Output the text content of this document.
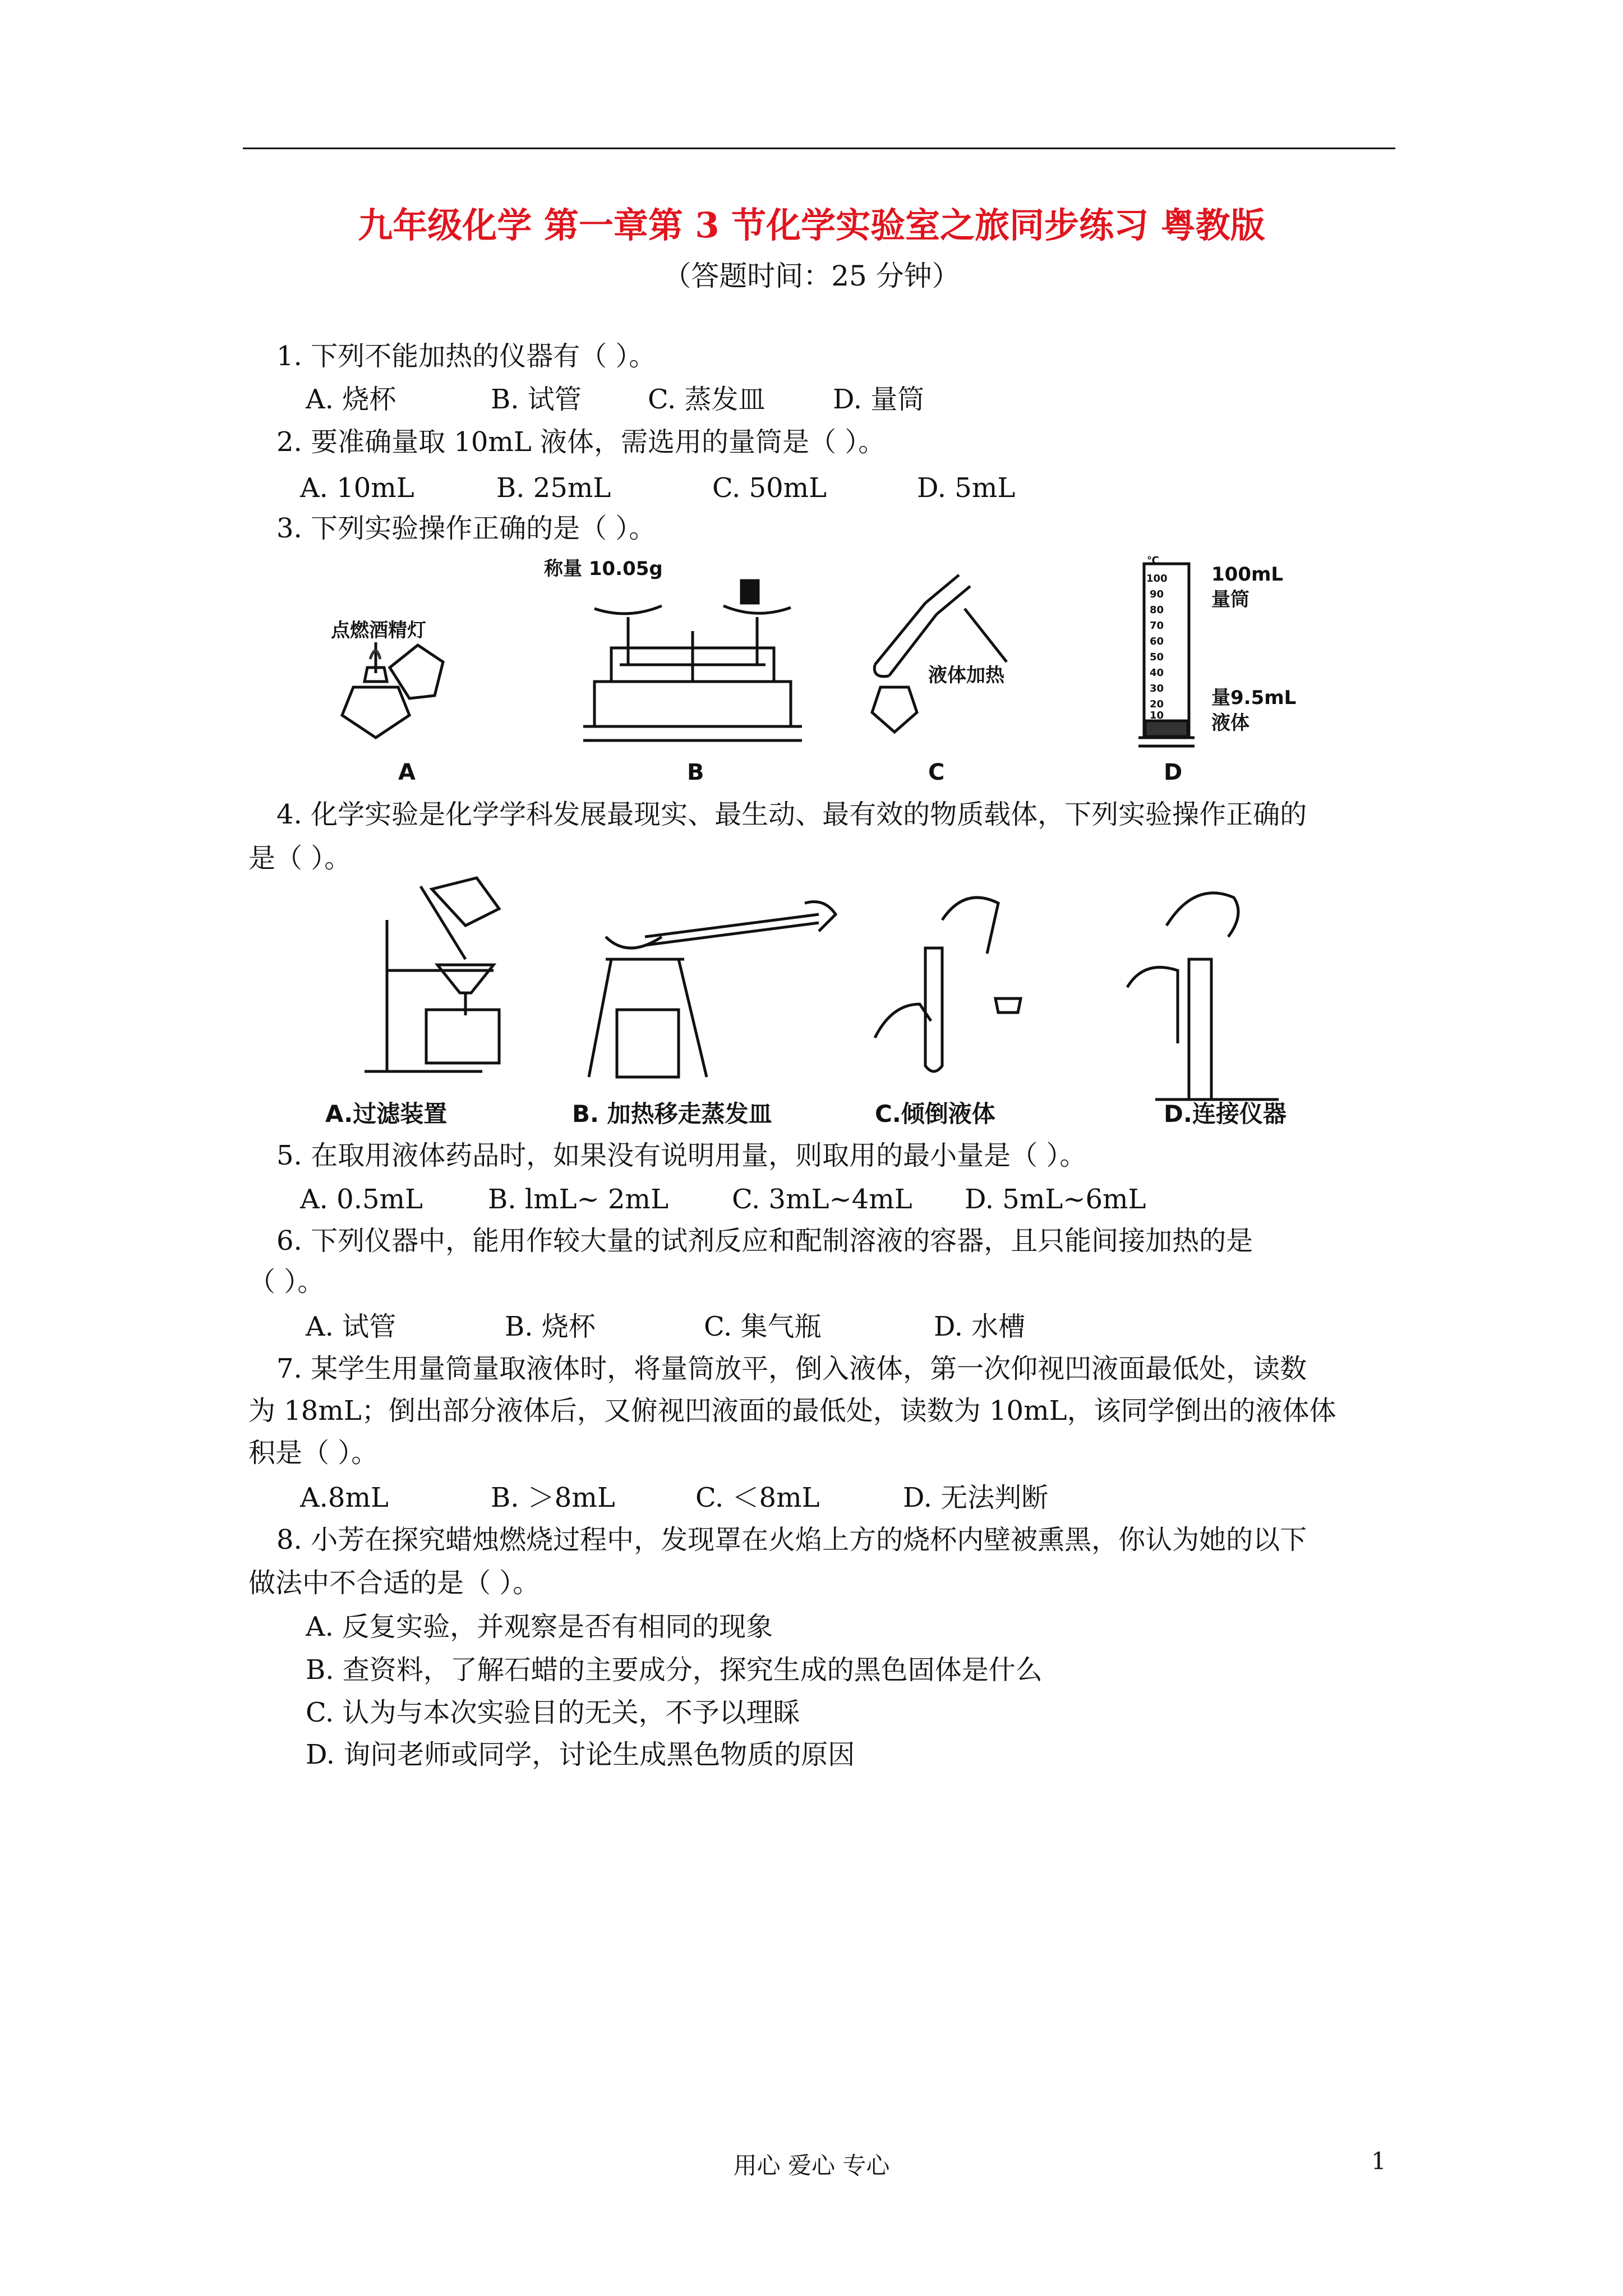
九年级化学 第一章第 3 节化学实验室之旅同步练习 粤教版
（答题时间：25 分钟）
1. 下列不能加热的仪器有（ ）。
A. 烧杯	B. 试管 C. 蒸发皿	D. 量筒
2. 要准确量取 10mL 液体，需选用的量筒是（ ）。
A. 10mL	B. 25mL	C. 50mL	D. 5mL
3. 下列实验操作正确的是（ ）。
点燃酒精灯
称量 10.05g
液体加热
100mL
量筒
量9.5mL
液体
A	B	C	D
℃
100
90
80
70
60
50
40
30
20
10
4. 化学实验是化学学科发展最现实、最生动、最有效的物质载体，下列实验操作正确的
是（ ）。
A.过滤装置	B. 加热移走蒸发皿	C.倾倒液体	D.连接仪器
5. 在取用液体药品时，如果没有说明用量，则取用的最小量是（ ）。
A. 0.5mL B. lmL~ 2mL C. 3mL~4mL D. 5mL~6mL
6. 下列仪器中，能用作较大量的试剂反应和配制溶液的容器，且只能间接加热的是
（ ）。
A. 试管	B. 烧杯	C. 集气瓶	D. 水槽
7. 某学生用量筒量取液体时，将量筒放平，倒入液体，第一次仰视凹液面最低处，读数
为 18mL；倒出部分液体后，又俯视凹液面的最低处，读数为 10mL，该同学倒出的液体体
积是（ ）。
A.8mL	B. ＞8mL	C. ＜8mL	D. 无法判断
8. 小芳在探究蜡烛燃烧过程中，发现罩在火焰上方的烧杯内壁被熏黑，你认为她的以下
做法中不合适的是（ ）。
A. 反复实验，并观察是否有相同的现象
B. 查资料，了解石蜡的主要成分，探究生成的黑色固体是什么
C. 认为与本次实验目的无关，不予以理睬
D. 询问老师或同学，讨论生成黑色物质的原因
用心 爱心 专心	1
